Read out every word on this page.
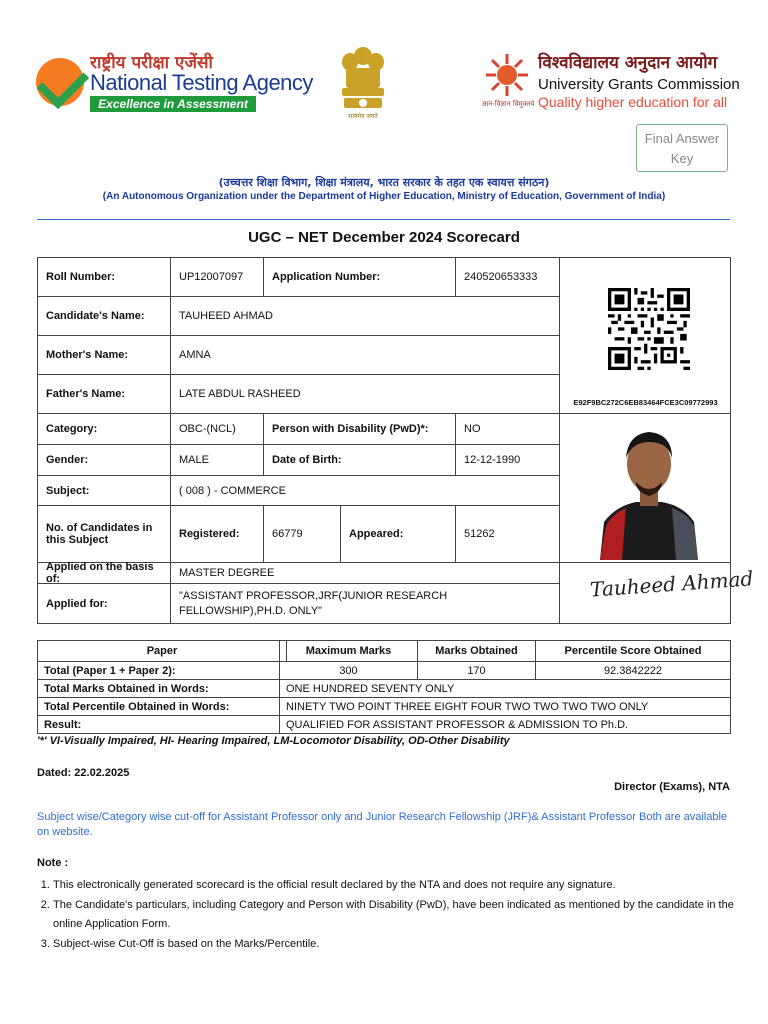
राष्ट्रीय परीक्षा एजेंसी
National Testing Agency
Excellence in Assessment
सत्यमेव जयते
ज्ञान-विज्ञान विमुक्तये
विश्वविद्यालय अनुदान आयोग
University Grants Commission
Quality higher education for all
Final Answer Key
(उच्चत्तर शिक्षा विभाग, शिक्षा मंत्रालय, भारत सरकार के तहत एक स्वायत्त संगठन)
(An Autonomous Organization under the Department of Higher Education, Ministry of Education, Government of India)
UGC – NET December 2024 Scorecard
Roll Number:	UP12007097	Application Number:	240520653333
Candidate's Name:	TAUHEED AHMAD
Mother's Name:	AMNA
Father's Name:	LATE ABDUL RASHEED
Category:	OBC-(NCL)	Person with Disability (PwD)*:	NO
Gender:	MALE	Date of Birth:	12-12-1990
Subject:	( 008 ) - COMMERCE
No. of Candidates in this Subject	Registered:	66779	Appeared:	51262
Applied on the basis of:	MASTER DEGREE
Applied for:
"ASSISTANT PROFESSOR,JRF(JUNIOR RESEARCH FELLOWSHIP),PH.D. ONLY"
E92F9BC272C6EB83464FCE3C09772993
Tauheed Ahmad
Paper	Maximum Marks	Marks Obtained	Percentile Score Obtained
Total (Paper 1 + Paper 2):	300	170	92.3842222
Total Marks Obtained in Words:	ONE HUNDRED SEVENTY ONLY
Total Percentile Obtained in Words:	NINETY TWO POINT THREE EIGHT FOUR TWO TWO TWO TWO ONLY
Result:	QUALIFIED FOR ASSISTANT PROFESSOR & ADMISSION TO Ph.D.
'*' VI-Visually Impaired, HI- Hearing Impaired, LM-Locomotor Disability, OD-Other Disability
Dated: 22.02.2025
Director (Exams), NTA
Subject wise/Category wise cut-off for Assistant Professor only and Junior Research Fellowship (JRF)& Assistant Professor Both are available on website.
Note :
1. This electronically generated scorecard is the official result declared by the NTA and does not require any signature.
2. The Candidate's particulars, including Category and Person with Disability (PwD), have been indicated as mentioned by the candidate in the online Application Form.
3. Subject-wise Cut-Off is based on the Marks/Percentile.
